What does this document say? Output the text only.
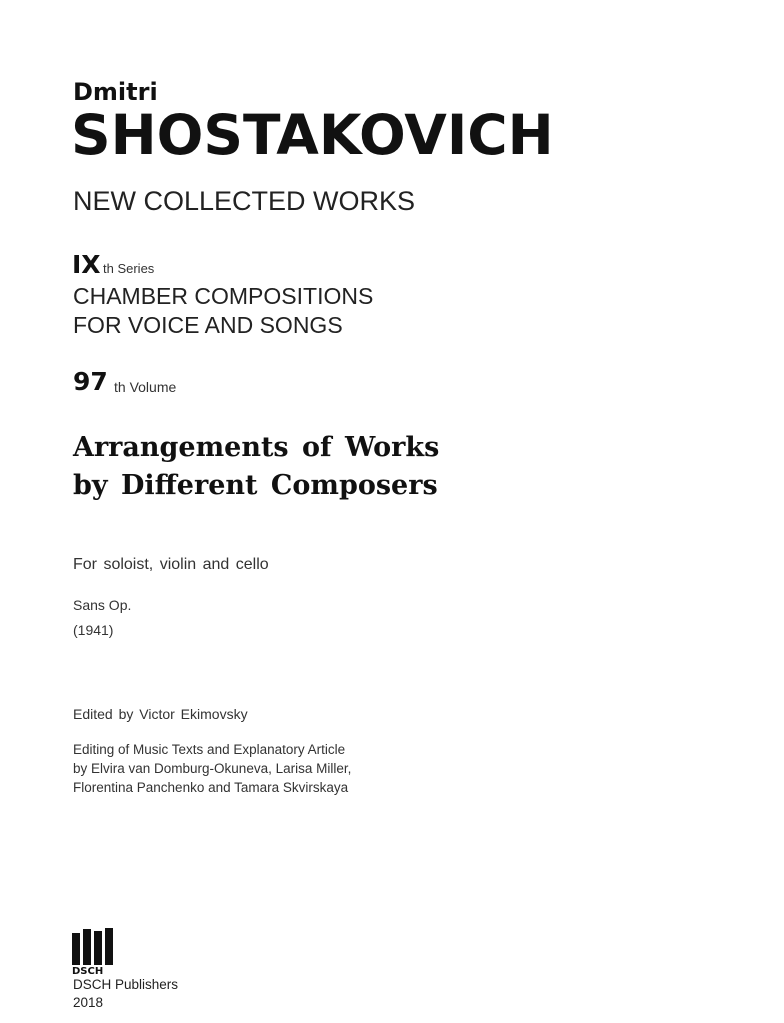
Dmitri
SHOSTAKOVICH
NEW COLLECTED WORKS
IX th Series
CHAMBER COMPOSITIONS
FOR VOICE AND SONGS
97 th Volume
Arrangements of Works
by Different Composers
For soloist, violin and cello
Sans Op.
(1941)
Edited by Victor Ekimovsky
Editing of Music Texts and Explanatory Article
by Elvira van Domburg-Okuneva, Larisa Miller,
Florentina Panchenko and Tamara Skvirskaya
DSCH
DSCH Publishers
2018
